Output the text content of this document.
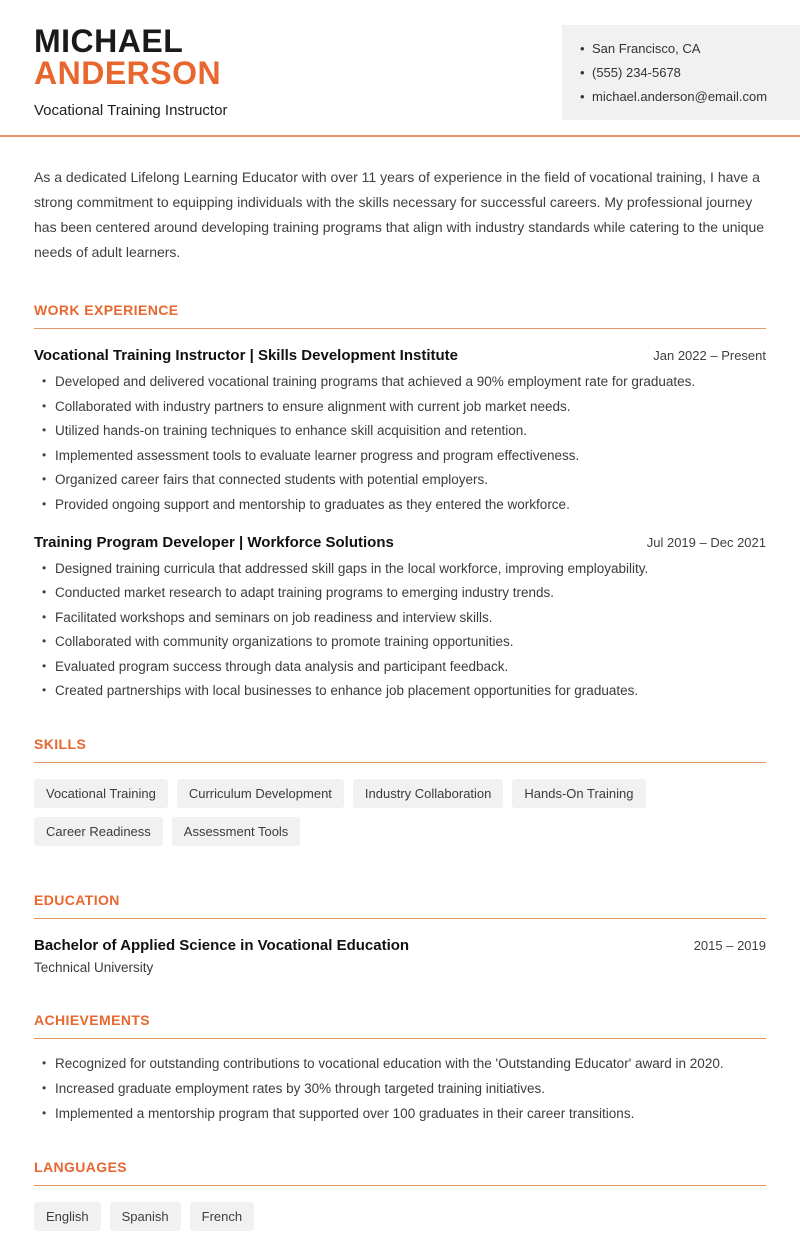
MICHAEL
ANDERSON
Vocational Training Instructor
• San Francisco, CA
• (555) 234-5678
• michael.anderson@email.com

As a dedicated Lifelong Learning Educator with over 11 years of experience in the field of vocational training, I have a strong commitment to equipping individuals with the skills necessary for successful careers. My professional journey has been centered around developing training programs that align with industry standards while catering to the unique needs of adult learners.

WORK EXPERIENCE
Vocational Training Instructor | Skills Development Institute	Jan 2022 – Present
• Developed and delivered vocational training programs that achieved a 90% employment rate for graduates.
• Collaborated with industry partners to ensure alignment with current job market needs.
• Utilized hands-on training techniques to enhance skill acquisition and retention.
• Implemented assessment tools to evaluate learner progress and program effectiveness.
• Organized career fairs that connected students with potential employers.
• Provided ongoing support and mentorship to graduates as they entered the workforce.
Training Program Developer | Workforce Solutions	Jul 2019 – Dec 2021
• Designed training curricula that addressed skill gaps in the local workforce, improving employability.
• Conducted market research to adapt training programs to emerging industry trends.
• Facilitated workshops and seminars on job readiness and interview skills.
• Collaborated with community organizations to promote training opportunities.
• Evaluated program success through data analysis and participant feedback.
• Created partnerships with local businesses to enhance job placement opportunities for graduates.
SKILLS
Vocational Training	Curriculum Development	Industry Collaboration	Hands-On Training
Career Readiness	Assessment Tools
EDUCATION
Bachelor of Applied Science in Vocational Education	2015 – 2019
Technical University
ACHIEVEMENTS
• Recognized for outstanding contributions to vocational education with the 'Outstanding Educator' award in 2020.
• Increased graduate employment rates by 30% through targeted training initiatives.
• Implemented a mentorship program that supported over 100 graduates in their career transitions.
LANGUAGES
English	Spanish	French
